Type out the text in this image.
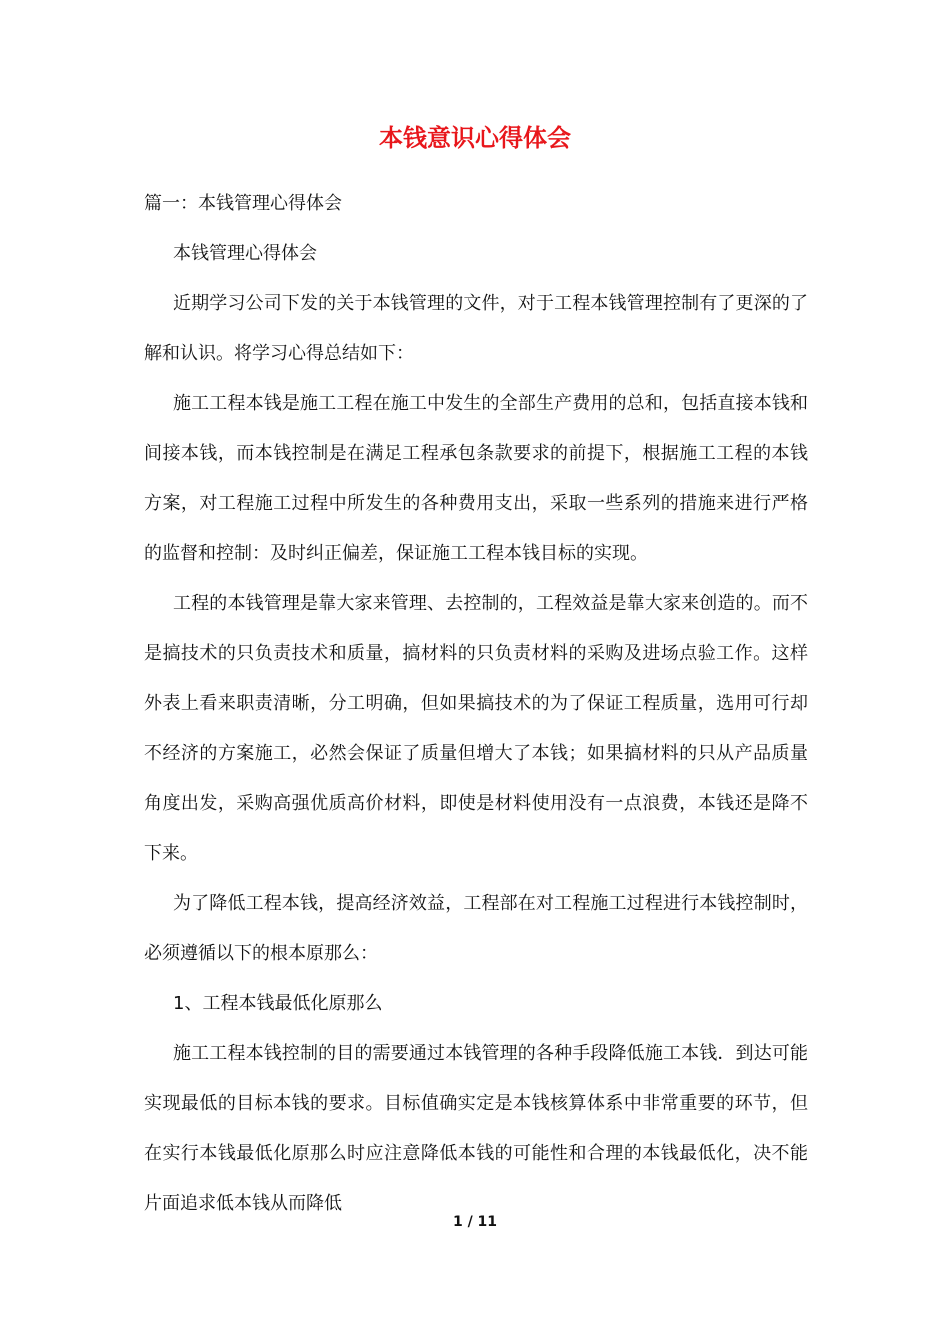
本钱意识心得体会

篇一：本钱管理心得体会

本钱管理心得体会

近期学习公司下发的关于本钱管理的文件，对于工程本钱管理控制有了更深的了解和认识。将学习心得总结如下：

施工工程本钱是施工工程在施工中发生的全部生产费用的总和，包括直接本钱和间接本钱，而本钱控制是在满足工程承包条款要求的前提下，根据施工工程的本钱方案，对工程施工过程中所发生的各种费用支出，采取一些系列的措施来进行严格的监督和控制：及时纠正偏差，保证施工工程本钱目标的实现。

工程的本钱管理是靠大家来管理、去控制的，工程效益是靠大家来创造的。而不是搞技术的只负责技术和质量，搞材料的只负责材料的采购及进场点验工作。这样外表上看来职责清晰，分工明确，但如果搞技术的为了保证工程质量，选用可行却不经济的方案施工，必然会保证了质量但增大了本钱；如果搞材料的只从产品质量角度出发，采购高强优质高价材料，即使是材料使用没有一点浪费，本钱还是降不下来。

为了降低工程本钱，提高经济效益，工程部在对工程施工过程进行本钱控制时，必须遵循以下的根本原那么：

1、工程本钱最低化原那么

施工工程本钱控制的目的需要通过本钱管理的各种手段降低施工本钱．到达可能实现最低的目标本钱的要求。目标值确实定是本钱核算体系中非常重要的环节，但在实行本钱最低化原那么时应注意降低本钱的可能性和合理的本钱最低化，决不能片面追求低本钱从而降低

1 / 11
